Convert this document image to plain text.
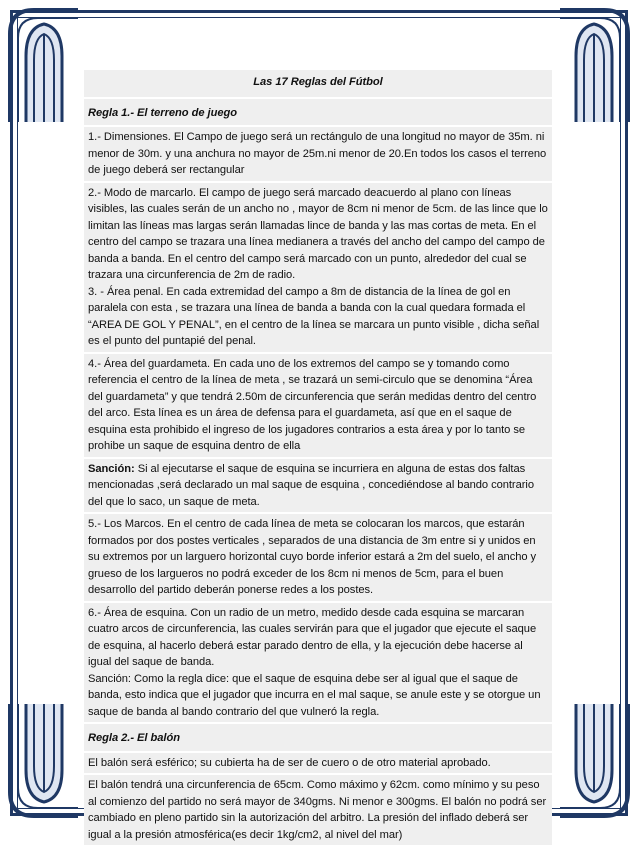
Las 17 Reglas del Fútbol
Regla 1.- El terreno de juego
1.- Dimensiones. El Campo de juego será un rectángulo de una longitud no mayor de 35m. ni menor de 30m. y una anchura no mayor de 25m.ni menor de 20.En todos los casos el terreno de juego deberá ser rectangular
2.- Modo de marcarlo. El campo de juego será marcado deacuerdo al plano con líneas visibles, las cuales serán de un ancho no , mayor de 8cm ni menor de 5cm. de las lince que lo limitan las líneas mas largas serán llamadas lince de banda y las mas cortas de meta. En el centro del campo se trazara una línea medianera a través del ancho del campo del campo de banda a banda. En el centro del campo será marcado con un punto, alrededor del cual se trazara una circunferencia de 2m de radio.
3. - Área penal. En cada extremidad del campo a 8m de distancia de la línea de gol en paralela con esta , se trazara una línea de banda a banda con la cual quedara formada el “AREA DE GOL Y PENAL”, en el centro de la línea se marcara un punto visible , dicha señal es el punto del puntapié del penal.
4.- Área del guardameta. En cada uno de los extremos del campo se y tomando como referencia el centro de la línea de meta , se trazará un semi-circulo que se denomina “Área del guardameta” y que tendrá 2.50m de circunferencia que serán medidas dentro del centro del arco. Esta línea es un área de defensa para el guardameta, así que en el saque de esquina esta prohibido el ingreso de los jugadores contrarios a esta área y por lo tanto se prohibe un saque de esquina dentro de ella
Sanción: Si al ejecutarse el saque de esquina se incurriera en alguna de estas dos faltas mencionadas ,será declarado un mal saque de esquina , concediéndose al bando contrario del que lo saco, un saque de meta.
5.- Los Marcos. En el centro de cada línea de meta se colocaran los marcos, que estarán formados por dos postes verticales , separados de una distancia de 3m entre si y unidos en su extremos por un larguero horizontal cuyo borde inferior estará a 2m del suelo, el ancho y grueso de los largueros no podrá exceder de los 8cm ni menos de 5cm, para el buen desarrollo del partido deberán ponerse redes a los postes.
6.- Área de esquina. Con un radio de un metro, medido desde cada esquina se marcaran cuatro arcos de circunferencia, las cuales servirán para que el jugador que ejecute el saque de esquina, al hacerlo deberá estar parado dentro de ella, y la ejecución debe hacerse al igual del saque de banda.
Sanción: Como la regla dice: que el saque de esquina debe ser al igual que el saque de banda, esto indica que el jugador que incurra en el mal saque, se anule este y se otorgue un saque de banda al bando contrario del que vulneró la regla.
Regla 2.- El balón
El balón será esférico; su cubierta ha de ser de cuero o de otro material aprobado.
El balón tendrá una circunferencia de 65cm. Como máximo y 62cm. como mínimo y su peso al comienzo del partido no será mayor de 340gms. Ni menor e 300gms. El balón no podrá ser cambiado en pleno partido sin la autorización del arbitro. La presión del inflado deberá ser igual a la presión atmosférica(es decir 1kg/cm2, al nivel del mar)
